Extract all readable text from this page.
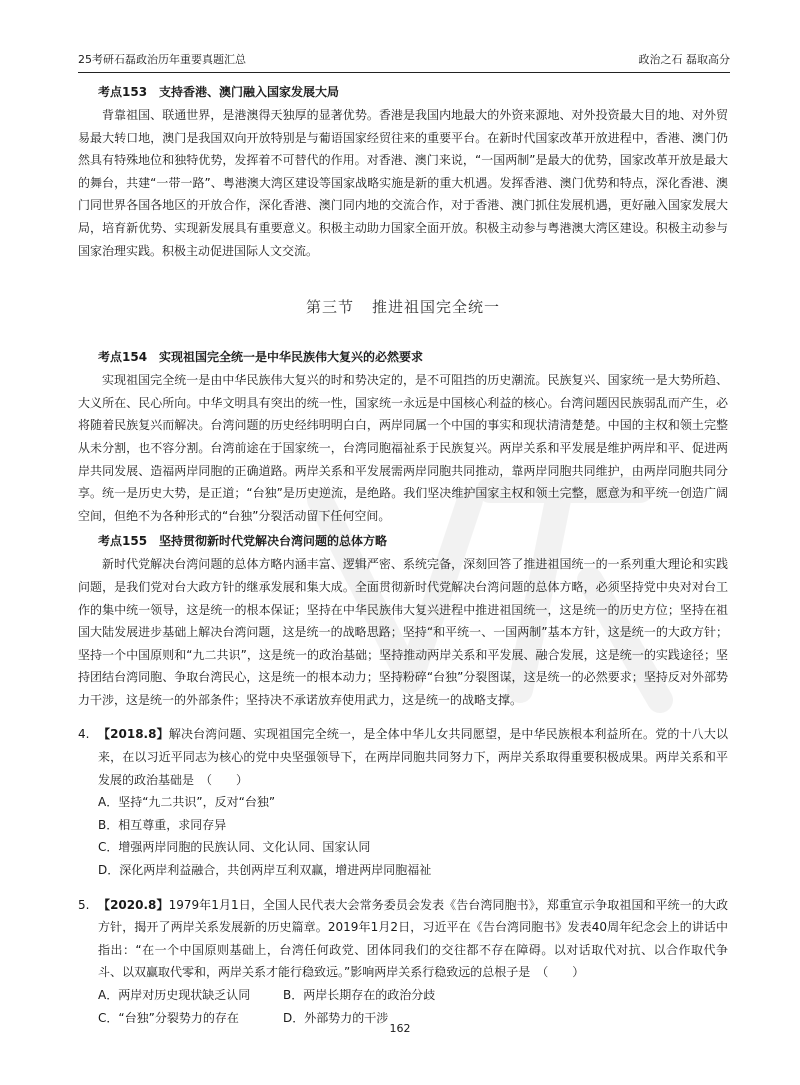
25考研石磊政治历年重要真题汇总	政治之石 磊取高分
考点153　支持香港、澳门融入国家发展大局

背靠祖国、联通世界，是港澳得天独厚的显著优势。香港是我国内地最大的外资来源地、对外投资最大目的地、对外贸易最大转口地，澳门是我国双向开放特别是与葡语国家经贸往来的重要平台。在新时代国家改革开放进程中，香港、澳门仍然具有特殊地位和独特优势，发挥着不可替代的作用。对香港、澳门来说，“一国两制”是最大的优势，国家改革开放是最大的舞台，共建“一带一路”、粤港澳大湾区建设等国家战略实施是新的重大机遇。发挥香港、澳门优势和特点，深化香港、澳门同世界各国各地区的开放合作，深化香港、澳门同内地的交流合作，对于香港、澳门抓住发展机遇，更好融入国家发展大局，培育新优势、实现新发展具有重要意义。积极主动助力国家全面开放。积极主动参与粤港澳大湾区建设。积极主动参与国家治理实践。积极主动促进国际人文交流。

第三节 推进祖国完全统一
考点154　实现祖国完全统一是中华民族伟大复兴的必然要求

实现祖国完全统一是由中华民族伟大复兴的时和势决定的，是不可阻挡的历史潮流。民族复兴、国家统一是大势所趋、大义所在、民心所向。中华文明具有突出的统一性，国家统一永远是中国核心利益的核心。台湾问题因民族弱乱而产生，必将随着民族复兴而解决。台湾问题的历史经纬明明白白，两岸同属一个中国的事实和现状清清楚楚。中国的主权和领土完整从未分割，也不容分割。台湾前途在于国家统一，台湾同胞福祉系于民族复兴。两岸关系和平发展是维护两岸和平、促进两岸共同发展、造福两岸同胞的正确道路。两岸关系和平发展需两岸同胞共同推动，靠两岸同胞共同维护，由两岸同胞共同分享。统一是历史大势，是正道；“台独”是历史逆流，是绝路。我们坚决维护国家主权和领土完整，愿意为和平统一创造广阔空间，但绝不为各种形式的“台独”分裂活动留下任何空间。

考点155　坚持贯彻新时代党解决台湾问题的总体方略

新时代党解决台湾问题的总体方略内涵丰富、逻辑严密、系统完备，深刻回答了推进祖国统一的一系列重大理论和实践问题，是我们党对台大政方针的继承发展和集大成。全面贯彻新时代党解决台湾问题的总体方略，必须坚持党中央对对台工作的集中统一领导，这是统一的根本保证；坚持在中华民族伟大复兴进程中推进祖国统一，这是统一的历史方位；坚持在祖国大陆发展进步基础上解决台湾问题，这是统一的战略思路；坚持“和平统一、一国两制”基本方针，这是统一的大政方针；坚持一个中国原则和“九二共识”，这是统一的政治基础；坚持推动两岸关系和平发展、融合发展，这是统一的实践途径；坚持团结台湾同胞、争取台湾民心，这是统一的根本动力；坚持粉碎“台独”分裂图谋，这是统一的必然要求；坚持反对外部势力干涉，这是统一的外部条件；坚持决不承诺放弃使用武力，这是统一的战略支撑。

4. 【2018.8】解决台湾问题、实现祖国完全统一，是全体中华儿女共同愿望，是中华民族根本利益所在。党的十八大以来，在以习近平同志为核心的党中央坚强领导下，在两岸同胞共同努力下，两岸关系取得重要积极成果。两岸关系和平发展的政治基础是　（　　）
A．坚持“九二共识”，反对“台独”
B．相互尊重，求同存异
C．增强两岸同胞的民族认同、文化认同、国家认同
D．深化两岸利益融合，共创两岸互利双赢，增进两岸同胞福祉
5. 【2020.8】1979年1月1日，全国人民代表大会常务委员会发表《告台湾同胞书》，郑重宣示争取祖国和平统一的大政方针，揭开了两岸关系发展新的历史篇章。2019年1月2日，习近平在《告台湾同胞书》发表40周年纪念会上的讲话中指出：“在一个中国原则基础上，台湾任何政党、团体同我们的交往都不存在障碍。以对话取代对抗、以合作取代争斗、以双赢取代零和，两岸关系才能行稳致远。”影响两岸关系行稳致远的总根子是　（　　）
A．两岸对历史现状缺乏认同	B．两岸长期存在的政治分歧
C．“台独”分裂势力的存在	D．外部势力的干涉
162
